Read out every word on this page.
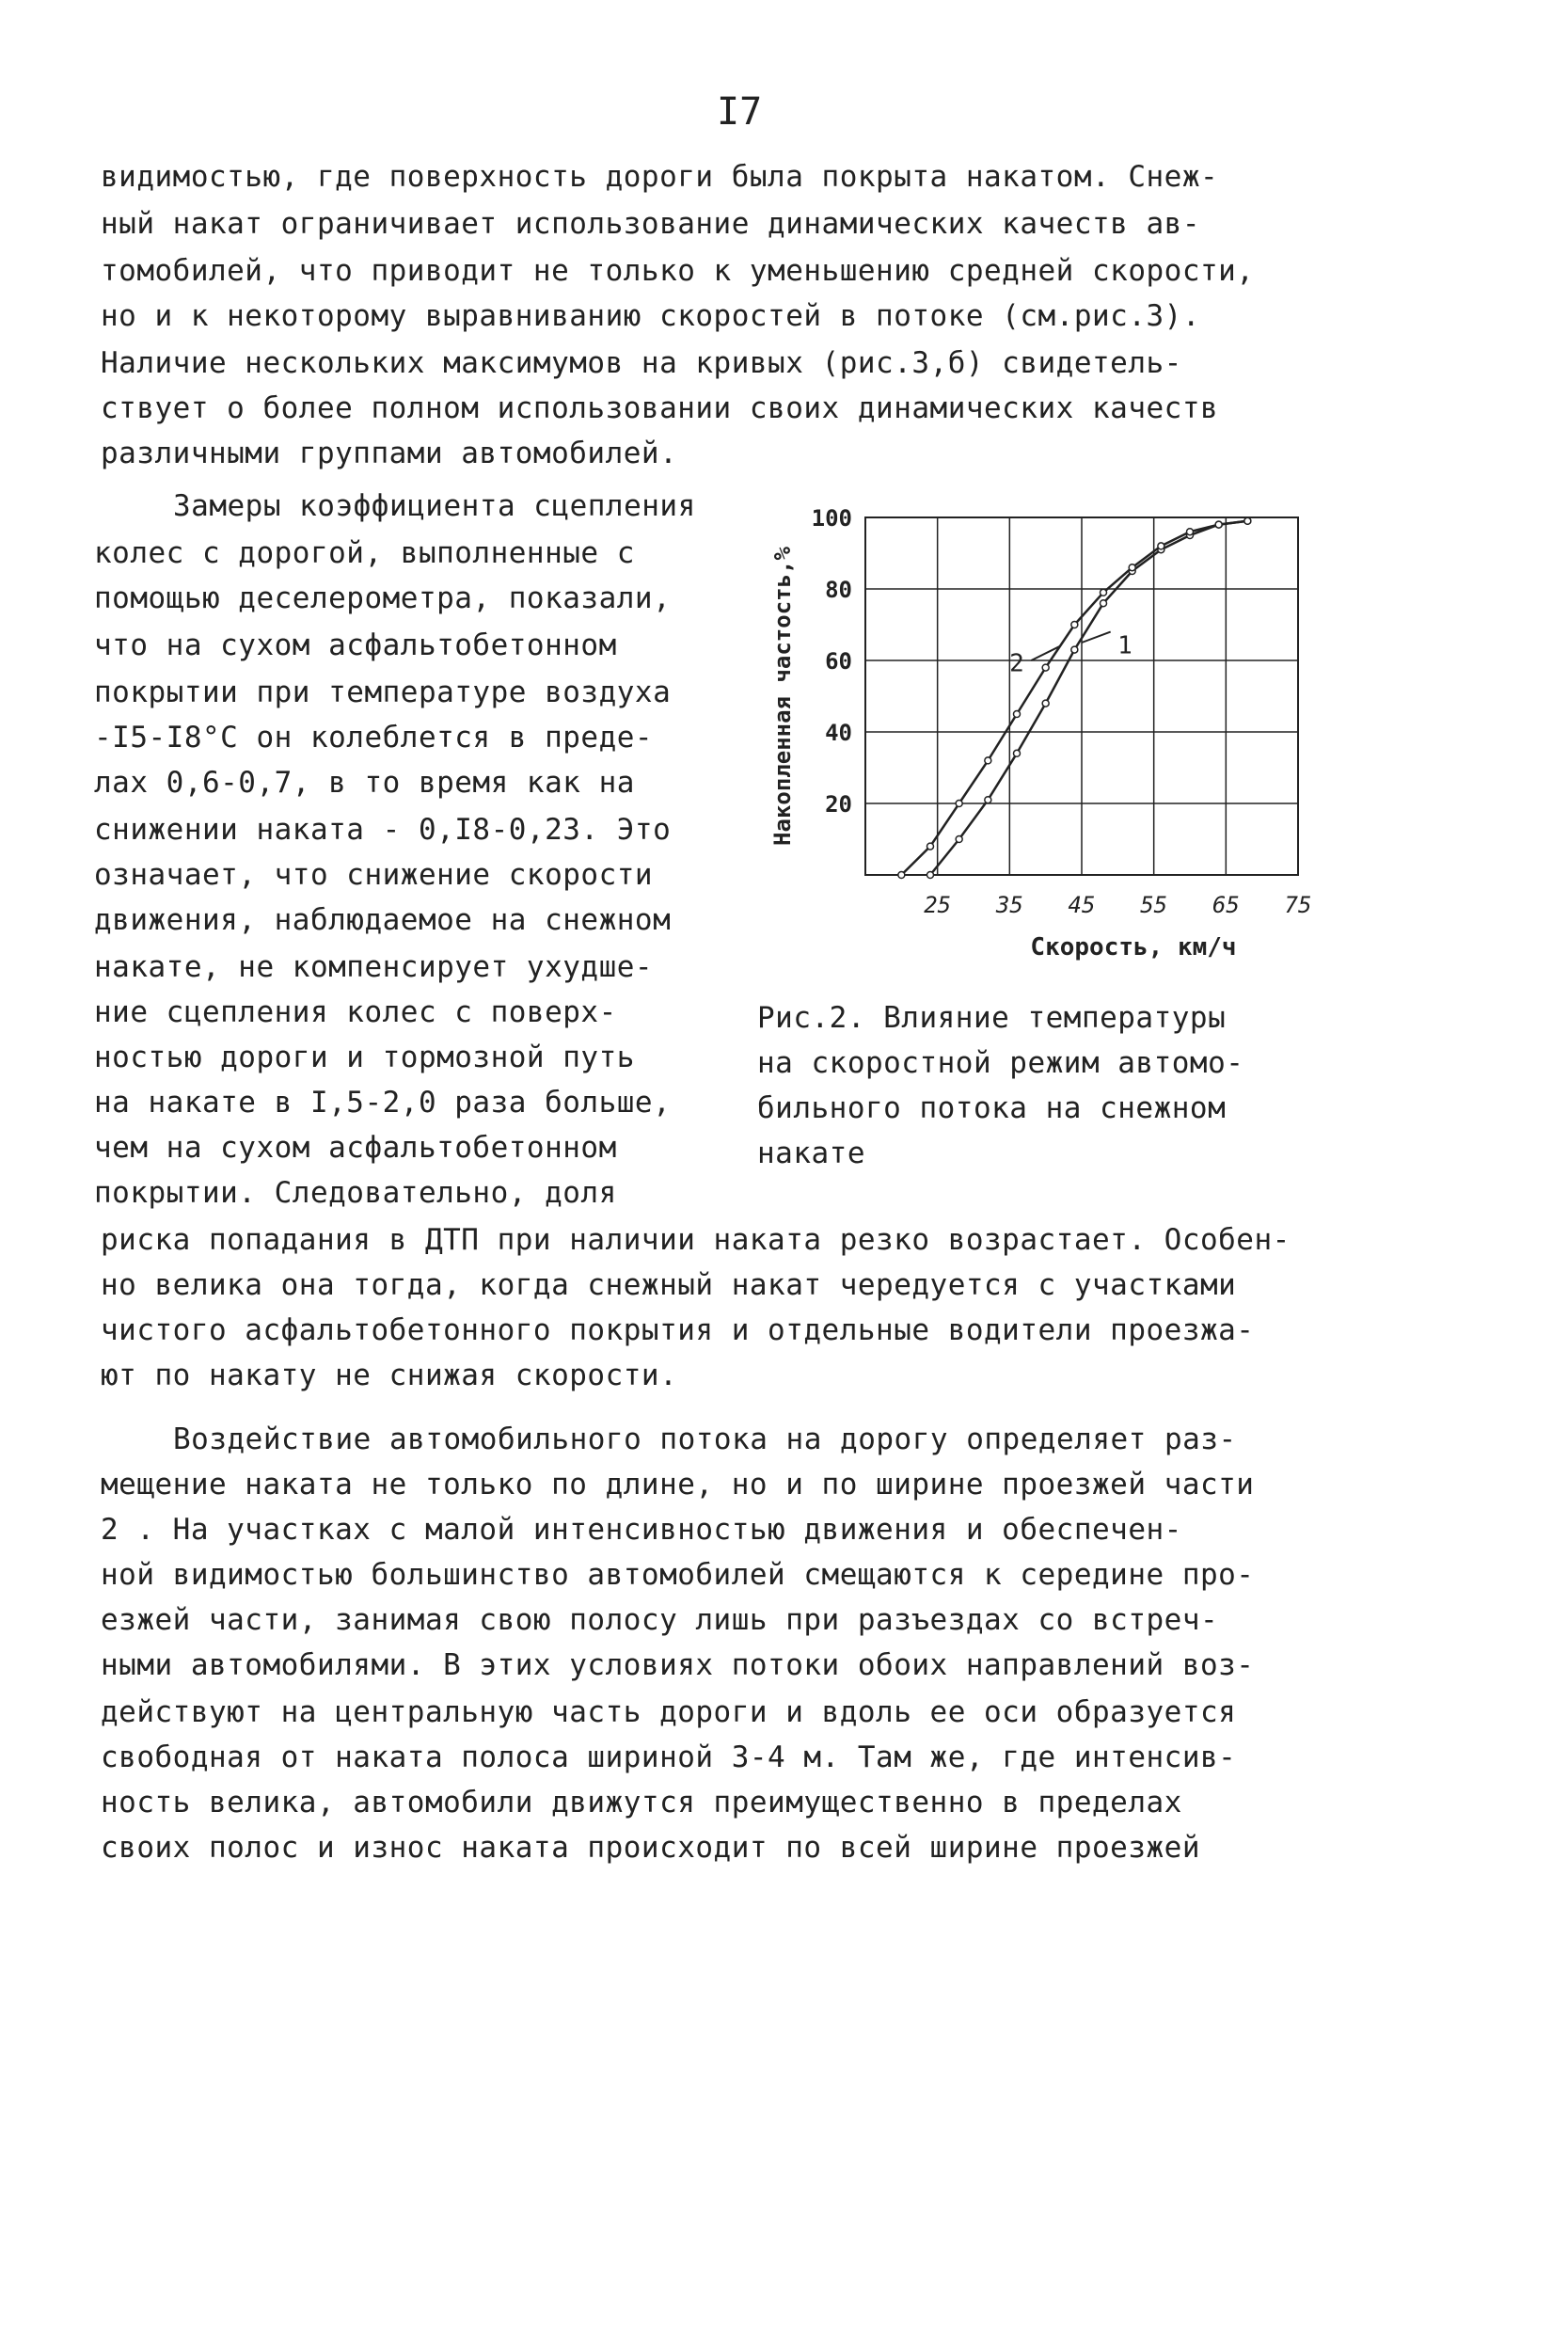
I7
видимостью, где поверхность дороги была покрыта накатом. Снеж-
ный накат ограничивает использование динамических качеств ав-
томобилей, что приводит не только к уменьшению средней скорости,
но и к некоторому выравниванию скоростей в потоке (см.рис.3).
Наличие нескольких максимумов на кривых (рис.3,б) свидетель-
ствует о более полном использовании своих динамических качеств
различными группами автомобилей.
Замеры коэффициента сцепления
колес с дорогой, выполненные с
помощью деселерометра, показали,
что на сухом асфальтобетонном
покрытии при температуре воздуха
-I5-I8°C он колеблется в преде-
лах 0,6-0,7, в то время как на
снижении наката - 0,I8-0,23. Это
означает, что снижение скорости
движения, наблюдаемое на снежном
накате, не компенсирует ухудше-
ние сцепления колес с поверх-
ностью дороги и тормозной путь
на накате в I,5-2,0 раза больше,
чем на сухом асфальтобетонном
покрытии. Следовательно, доля
25 35 45 55 65 75
20
40
60
80
100
Скорость, км/ч
Накопленная частость,%	2
1
Рис.2. Влияние температуры
на скоростной режим автомо-
бильного потока на снежном
накате
риска попадания в ДТП при наличии наката резко возрастает. Особен-
но велика она тогда, когда снежный накат чередуется с участками
чистого асфальтобетонного покрытия и отдельные водители проезжа-
ют по накату не снижая скорости.
Воздействие автомобильного потока на дорогу определяет раз-
мещение наката не только по длине, но и по ширине проезжей части
2 . На участках с малой интенсивностью движения и обеспечен-
ной видимостью большинство автомобилей смещаются к середине про-
езжей части, занимая свою полосу лишь при разъездах со встреч-
ными автомобилями. В этих условиях потоки обоих направлений воз-
действуют на центральную часть дороги и вдоль ее оси образуется
свободная от наката полоса шириной 3-4 м. Там же, где интенсив-
ность велика, автомобили движутся преимущественно в пределах
своих полос и износ наката происходит по всей ширине проезжей
